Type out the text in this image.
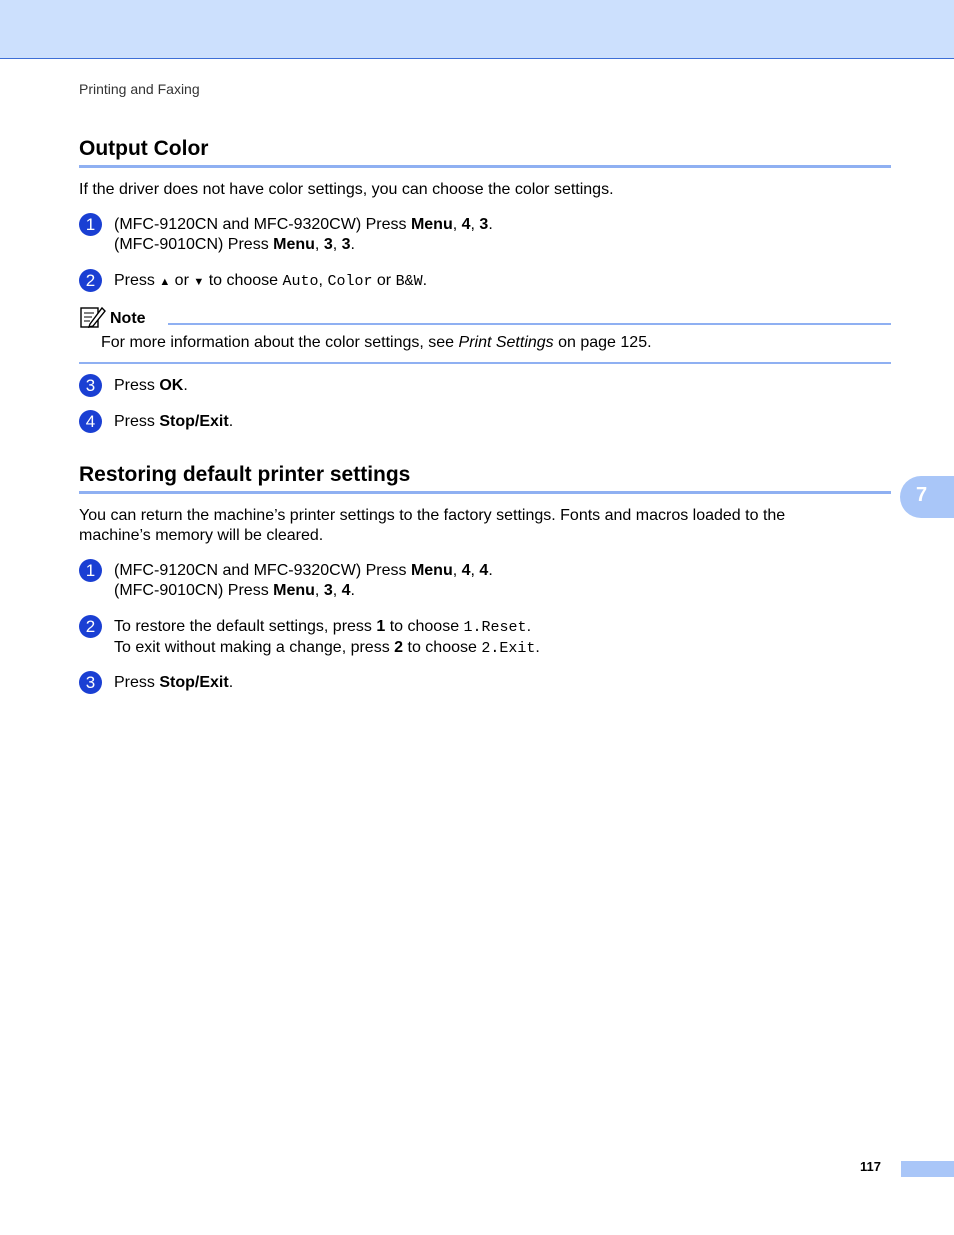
Printing and Faxing
Output Color
If the driver does not have color settings, you can choose the color settings.
1	(MFC-9120CN and MFC-9320CW) Press Menu, 4, 3.
(MFC-9010CN) Press Menu, 3, 3.
2	Press ▲ or ▼ to choose Auto, Color or B&W.
Note
For more information about the color settings, see Print Settings on page 125.
3	Press OK.
4	Press Stop/Exit.
Restoring default printer settings
You can return the machine’s printer settings to the factory settings. Fonts and macros loaded to the machine’s memory will be cleared.
1	(MFC-9120CN and MFC-9320CW) Press Menu, 4, 4.
(MFC-9010CN) Press Menu, 3, 4.
2	To restore the default settings, press 1 to choose 1.Reset.
To exit without making a change, press 2 to choose 2.Exit.
3	Press Stop/Exit.
7
117
